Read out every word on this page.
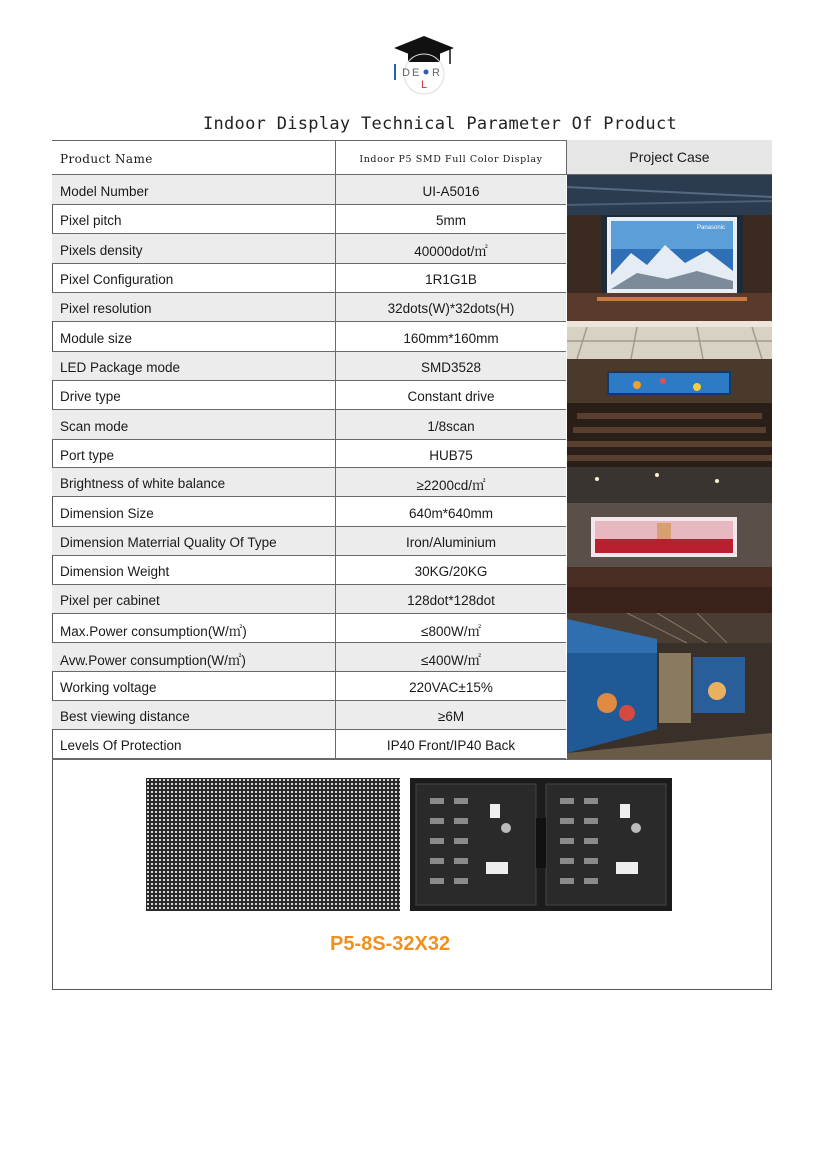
D E R
L
Indoor Display Technical Parameter Of Product
Product Name	Indoor P5 SMD Full Color Display
Model Number	UI-A5016
Pixel pitch	5mm
Pixels density	40000dot/㎡
Pixel Configuration	1R1G1B
Pixel resolution	32dots(W)*32dots(H)
Module size	160mm*160mm
LED Package mode	SMD3528
Drive type	Constant drive
Scan mode	1/8scan
Port type	HUB75
Brightness of white balance	≥2200cd/㎡
Dimension Size	640m*640mm
Dimension Materrial Quality Of Type	Iron/Aluminium
Dimension Weight	30KG/20KG
Pixel per cabinet	128dot*128dot
Max.Power consumption(W/㎡)	≤800W/㎡
Avw.Power consumption(W/㎡)	≤400W/㎡
Working voltage	220VAC±15%
Best viewing distance	≥6M
Levels Of Protection	IP40 Front/IP40 Back
Project Case
Panasonic
P5-8S-32X32
